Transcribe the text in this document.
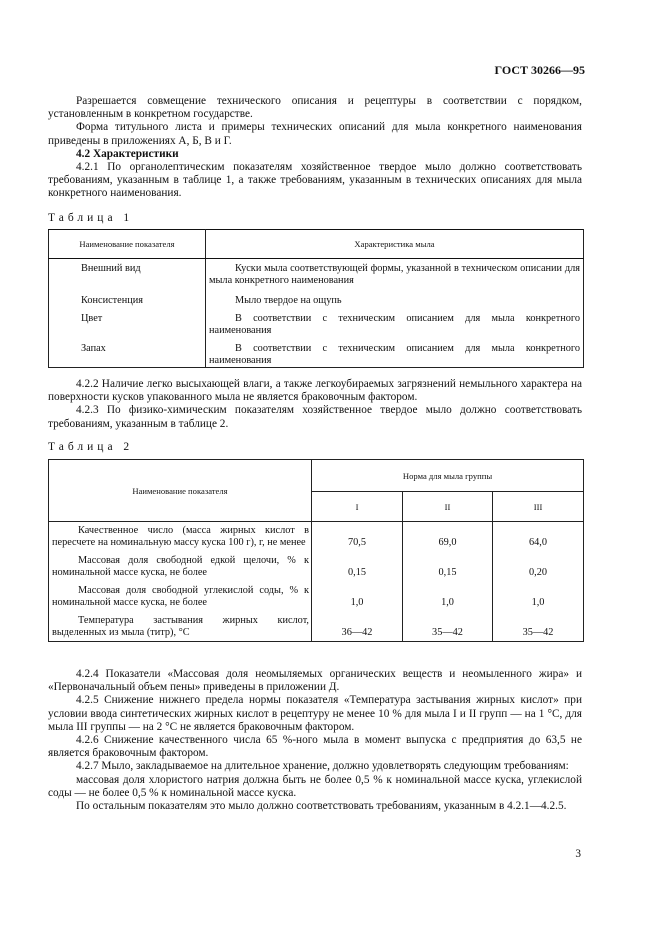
ГОСТ 30266—95

Разрешается совмещение технического описания и рецептуры в соответствии с порядком, установленным в конкретном государстве.

Форма титульного листа и примеры технических описаний для мыла конкретного наименования приведены в приложениях А, Б, В и Г.

4.2 Характеристики

4.2.1 По органолептическим показателям хозяйственное твердое мыло должно соответствовать требованиям, указанным в таблице 1, а также требованиям, указанным в технических описаниях для мыла конкретного наименования.

Таблица 1
Наименование показателя	Характеристика мыла
Внешний вид	Куски мыла соответствующей формы, указанной в техническом описании для мыла конкретного наименования
Консистенция	Мыло твердое на ощупь
Цвет	В соответствии с техническим описанием для мыла конкретного наименования
Запах	В соответствии с техническим описанием для мыла конкретного наименования

4.2.2 Наличие легко высыхающей влаги, а также легкоубираемых загрязнений немыльного характера на поверхности кусков упакованного мыла не является браковочным фактором.

4.2.3 По физико-химическим показателям хозяйственное твердое мыло должно соответствовать требованиям, указанным в таблице 2.

Таблица 2
Наименование показателя	Норма для мыла группы		
	I	II	III
Качественное число (масса жирных кислот в пересчете на номинальную массу куска 100 г), г, не менее	70,5	69,0	64,0
Массовая доля свободной едкой щелочи, % к номинальной массе куска, не более	0,15	0,15	0,20
Массовая доля свободной углекислой соды, % к номинальной массе куска, не более	1,0	1,0	1,0
Температура застывания жирных кислот, выделенных из мыла (титр), °С	36—42	35—42	35—42

4.2.4 Показатели «Массовая доля неомыляемых органических веществ и неомыленного жира» и «Первоначальный объем пены» приведены в приложении Д.

4.2.5 Снижение нижнего предела нормы показателя «Температура застывания жирных кислот» при условии ввода синтетических жирных кислот в рецептуру не менее 10 % для мыла I и II групп — на 1 °С, для мыла III группы — на 2 °С не является браковочным фактором.

4.2.6 Снижение качественного числа 65 %-ного мыла в момент выпуска с предприятия до 63,5 не является браковочным фактором.

4.2.7 Мыло, закладываемое на длительное хранение, должно удовлетворять следующим требованиям:

массовая доля хлористого натрия должна быть не более 0,5 % к номинальной массе куска, углекислой соды — не более 0,5 % к номинальной массе куска.

По остальным показателям это мыло должно соответствовать требованиям, указанным в 4.2.1—4.2.5.

3
